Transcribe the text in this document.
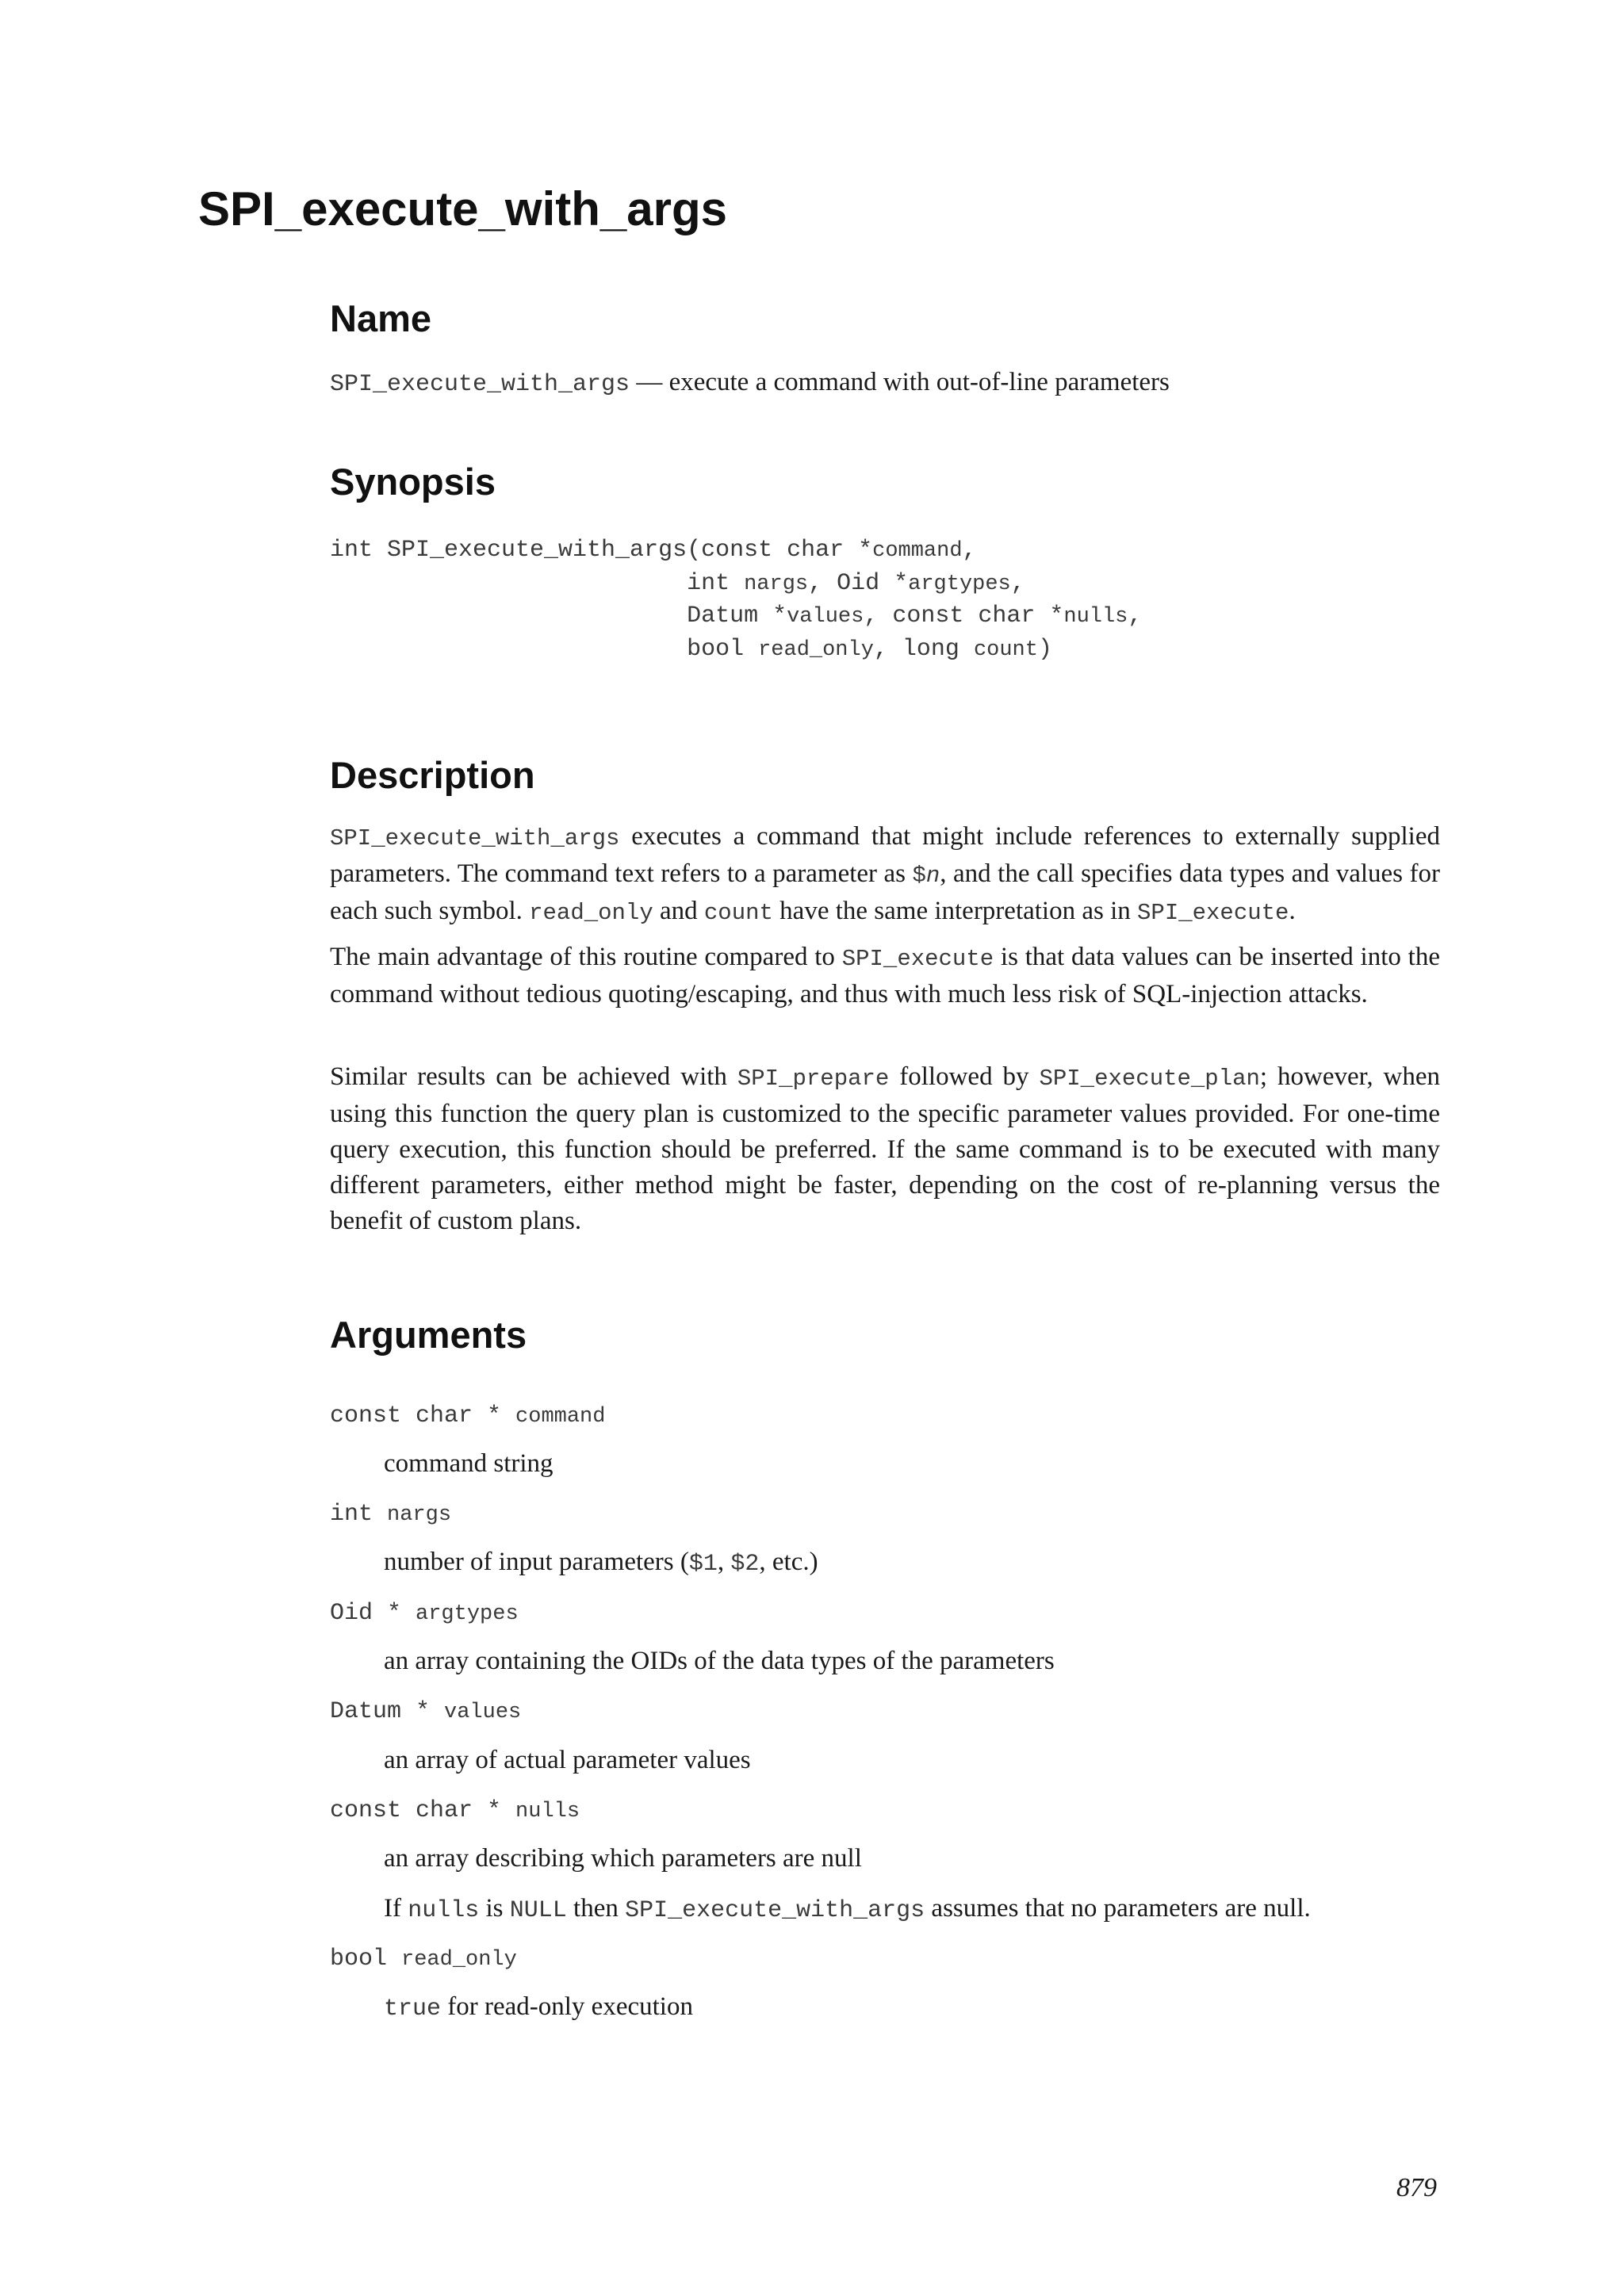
SPI_execute_with_args
Name
SPI_execute_with_args — execute a command with out-of-line parameters
Synopsis
int SPI_execute_with_args(const char *command,
int nargs, Oid *argtypes,
Datum *values, const char *nulls,
bool read_only, long count)
Description

SPI_execute_with_args executes a command that might include references to externally supplied parameters. The command text refers to a parameter as $n, and the call specifies data types and values for each such symbol. read_only and count have the same interpretation as in SPI_execute.

The main advantage of this routine compared to SPI_execute is that data values can be inserted into the command without tedious quoting/escaping, and thus with much less risk of SQL-injection attacks.

Similar results can be achieved with SPI_prepare followed by SPI_execute_plan; however, when using this function the query plan is customized to the specific parameter values provided. For one-time query execution, this function should be preferred. If the same command is to be executed with many different parameters, either method might be faster, depending on the cost of re-planning versus the benefit of custom plans.

Arguments
const char * command
command string
int nargs
number of input parameters ($1, $2, etc.)
Oid * argtypes
an array containing the OIDs of the data types of the parameters
Datum * values
an array of actual parameter values
const char * nulls
an array describing which parameters are null
If nulls is NULL then SPI_execute_with_args assumes that no parameters are null.
bool read_only
true for read-only execution
879
